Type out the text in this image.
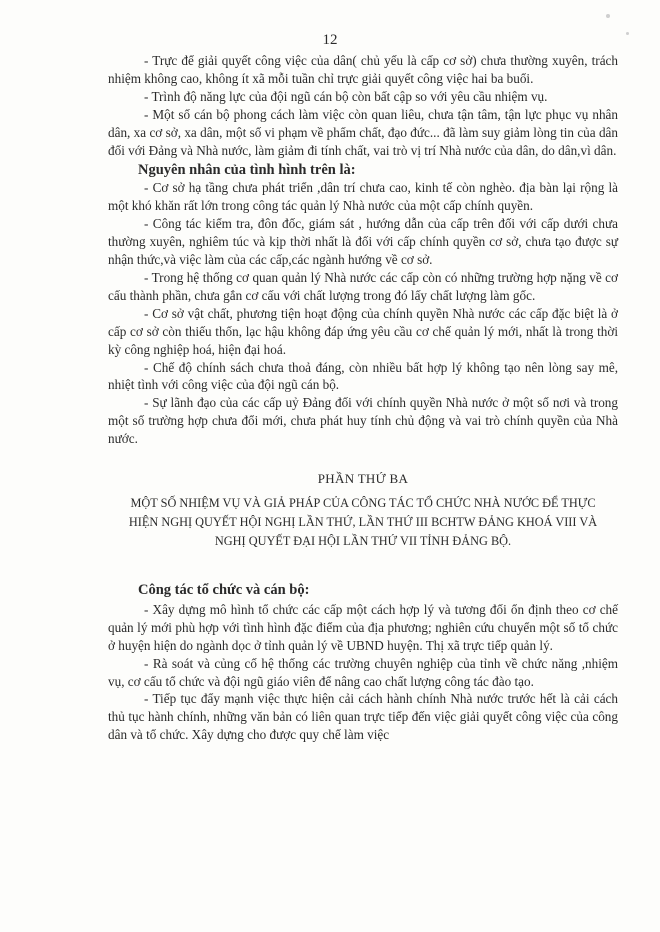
12

- Trực để giải quyết công việc của dân( chủ yếu là cấp cơ sở) chưa thường xuyên, trách nhiệm không cao, không ít xã mỗi tuần chỉ trực giải quyết công việc hai ba buổi.

- Trình độ năng lực của đội ngũ cán bộ còn bất cập so với yêu cầu nhiệm vụ.

- Một số cán bộ phong cách làm việc còn quan liêu, chưa tận tâm, tận lực phục vụ nhân dân, xa cơ sở, xa dân, một số vi phạm về phẩm chất, đạo đức... đã làm suy giảm lòng tin của dân đối với Đảng và Nhà nước, làm giảm đi tính chất, vai trò vị trí Nhà nước của dân, do dân,vì dân.

Nguyên nhân của tình hình trên là:

- Cơ sở hạ tầng chưa phát triển ,dân trí chưa cao, kinh tế còn nghèo. địa bàn lại rộng là một khó khăn rất lớn trong công tác quản lý Nhà nước của một cấp chính quyền.

- Công tác kiểm tra, đôn đốc, giám sát , hướng dẫn của cấp trên đối với cấp dưới chưa thường xuyên, nghiêm túc và kịp thời nhất là đối với cấp chính quyền cơ sở, chưa tạo được sự nhận thức,và việc làm của các cấp,các ngành hướng về cơ sở.

- Trong hệ thống cơ quan quản lý Nhà nước các cấp còn có những trường hợp nặng về cơ cấu thành phần, chưa gắn cơ cấu với chất lượng trong đó lấy chất lượng làm gốc.

- Cơ sở vật chất, phương tiện hoạt động của chính quyền Nhà nước các cấp đặc biệt là ở cấp cơ sở còn thiếu thốn, lạc hậu không đáp ứng yêu cầu cơ chế quản lý mới, nhất là trong thời kỳ công nghiệp hoá, hiện đại hoá.

- Chế độ chính sách chưa thoả đáng, còn nhiều bất hợp lý không tạo nên lòng say mê, nhiệt tình với công việc của đội ngũ cán bộ.

- Sự lãnh đạo của các cấp uỷ Đảng đối với chính quyền Nhà nước ở một số nơi và trong một số trường hợp chưa đổi mới, chưa phát huy tính chủ động và vai trò chính quyền của Nhà nước.

PHẦN THỨ BA

MỘT SỐ NHIỆM VỤ VÀ GIẢ PHÁP CỦA CÔNG TÁC TỔ CHỨC NHÀ NƯỚC ĐỂ THỰC
HIỆN NGHỊ QUYẾT HỘI NGHỊ LẦN THỨ, LẦN THỨ III BCHTW ĐẢNG KHOÁ VIII VÀ
NGHỊ QUYẾT ĐẠI HỘI LẦN THỨ VII TỈNH ĐẢNG BỘ.

Công tác tổ chức và cán bộ:

- Xây dựng mô hình tổ chức các cấp một cách hợp lý và tương đối ổn định theo cơ chế quản lý mới phù hợp với tình hình đặc điểm của địa phương; nghiên cứu chuyển một số tổ chức ở huyện hiện do ngành dọc ở tỉnh quản lý về UBND huyện. Thị xã trực tiếp quản lý.

- Rà soát và củng cố hệ thống các trường chuyên nghiệp của tỉnh về chức năng ,nhiệm vụ, cơ cấu tổ chức và đội ngũ giáo viên để nâng cao chất lượng công tác đào tạo.

- Tiếp tục đẩy mạnh việc thực hiện cải cách hành chính Nhà nước trước hết là cải cách thủ tục hành chính, những văn bản có liên quan trực tiếp đến việc giải quyết công việc của công dân và tổ chức. Xây dựng cho được quy chế làm việc
